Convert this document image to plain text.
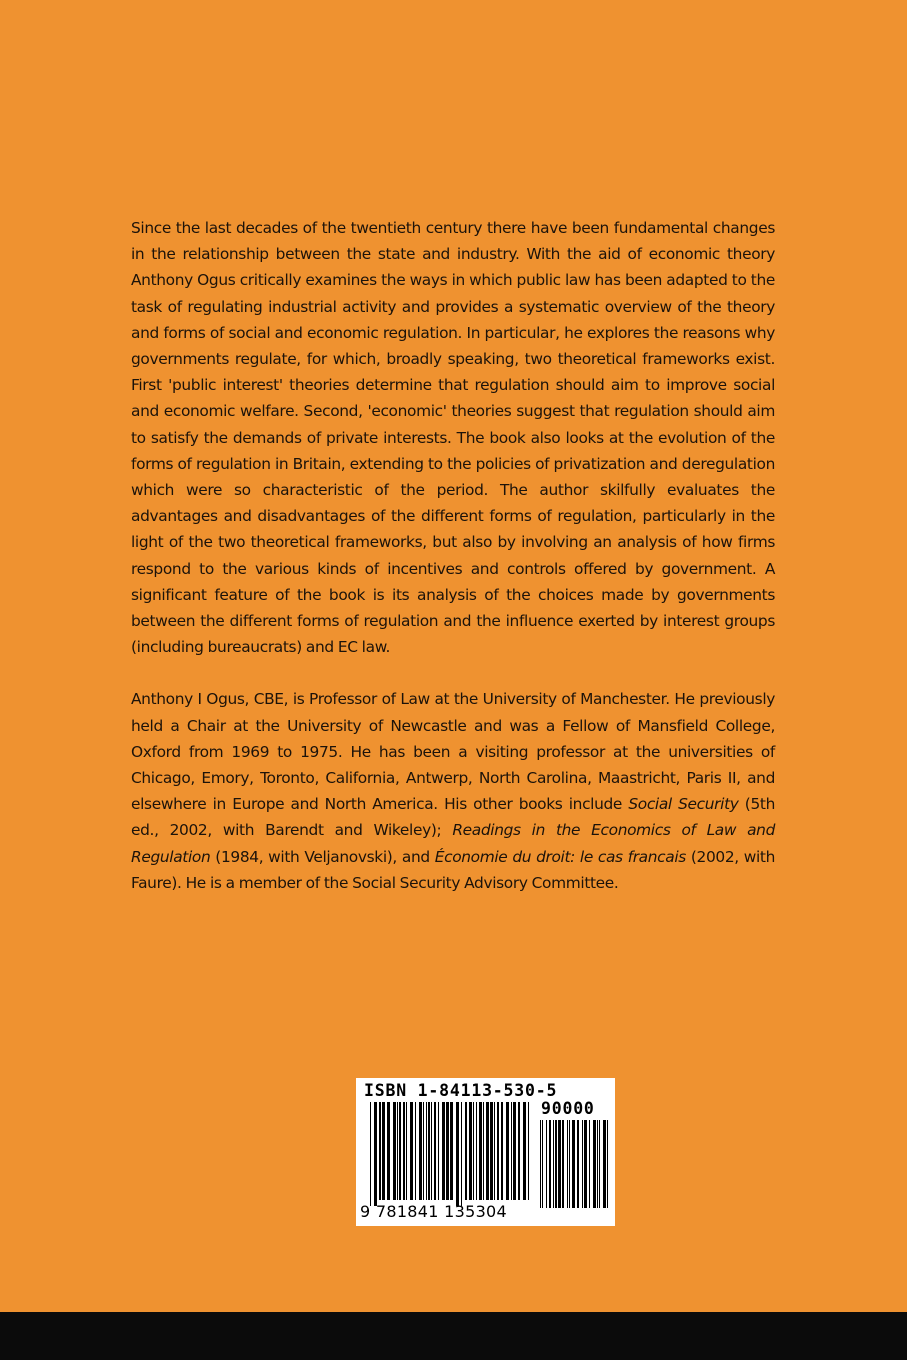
Since the last decades of the twentieth century there have been fundamental changes in the relationship between the state and industry. With the aid of economic theory Anthony Ogus critically examines the ways in which public law has been adapted to the task of regulating industrial activity and provides a systematic overview of the theory and forms of social and economic regulation. In particular, he explores the reasons why governments regulate, for which, broadly speaking, two theoretical frameworks exist. First 'public interest' theories determine that regulation should aim to improve social and economic welfare. Second, 'economic' theories suggest that regulation should aim to satisfy the demands of private interests. The book also looks at the evolution of the forms of regulation in Britain, extending to the policies of privatization and deregulation which were so characteristic of the period. The author skilfully evaluates the advantages and disadvantages of the different forms of regulation, particularly in the light of the two theoretical frameworks, but also by involving an analysis of how firms respond to the various kinds of incentives and controls offered by government. A significant feature of the book is its analysis of the choices made by governments between the different forms of regulation and the influence exerted by interest groups (including bureaucrats) and EC law.

Anthony I Ogus, CBE, is Professor of Law at the University of Manchester. He previously held a Chair at the University of Newcastle and was a Fellow of Mansfield College, Oxford from 1969 to 1975. He has been a visiting professor at the universities of Chicago, Emory, Toronto, California, Antwerp, North Carolina, Maastricht, Paris II, and elsewhere in Europe and North America. His other books include Social Security (5th ed., 2002, with Barendt and Wikeley); Readings in the Economics of Law and Regulation (1984, with Veljanovski), and Économie du droit: le cas francais (2002, with Faure). He is a member of the Social Security Advisory Committee.

ISBN 1-84113-530-5
90000
9 781841 135304
